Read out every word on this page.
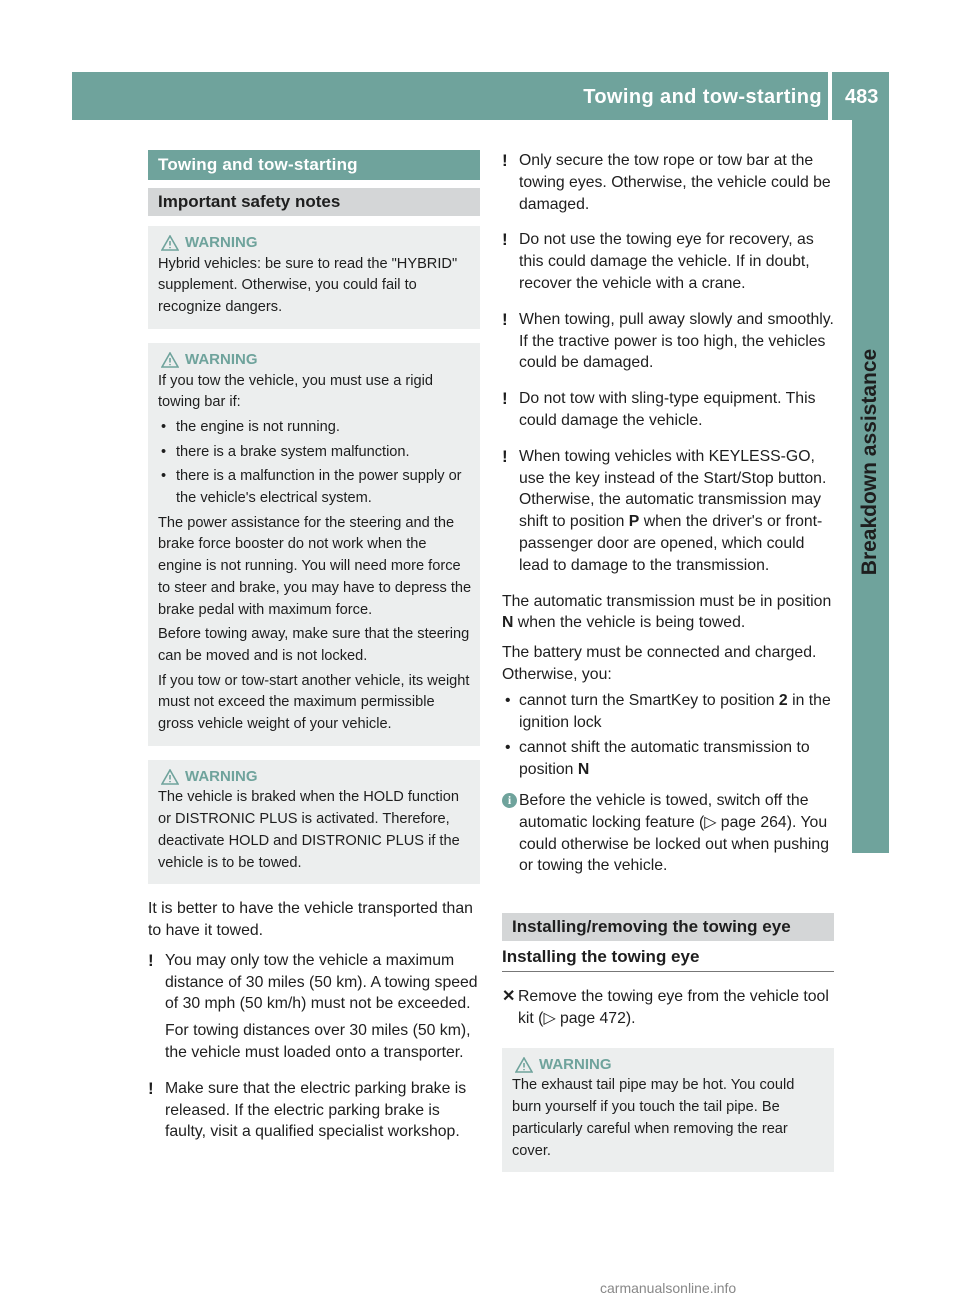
Towing and tow-starting 483
Breakdown assistance
Towing and tow-starting
Important safety notes
WARNING

Hybrid vehicles: be sure to read the "HYBRID" supplement. Otherwise, you could fail to recognize dangers.

WARNING

If you tow the vehicle, you must use a rigid towing bar if:

• the engine is not running.
• there is a brake system malfunction.
• there is a malfunction in the power supply or the vehicle's electrical system.

The power assistance for the steering and the brake force booster do not work when the engine is not running. You will need more force to steer and brake, you may have to depress the brake pedal with maximum force.

Before towing away, make sure that the steering can be moved and is not locked.

If you tow or tow-start another vehicle, its weight must not exceed the maximum permissible gross vehicle weight of your vehicle.

WARNING

The vehicle is braked when the HOLD function or DISTRONIC PLUS is activated. Therefore, deactivate HOLD and DISTRONIC PLUS if the vehicle is to be towed.

It is better to have the vehicle transported than to have it towed.

! You may only tow the vehicle a maximum distance of 30 miles (50 km). A towing speed of 30 mph (50 km/h) must not be exceeded.

For towing distances over 30 miles (50 km), the vehicle must loaded onto a transporter.

! Make sure that the electric parking brake is released. If the electric parking brake is faulty, visit a qualified specialist workshop.

! Only secure the tow rope or tow bar at the towing eyes. Otherwise, the vehicle could be damaged.

! Do not use the towing eye for recovery, as this could damage the vehicle. If in doubt, recover the vehicle with a crane.

! When towing, pull away slowly and smoothly. If the tractive power is too high, the vehicles could be damaged.

! Do not tow with sling-type equipment. This could damage the vehicle.

! When towing vehicles with KEYLESS-GO, use the key instead of the Start/Stop button. Otherwise, the automatic transmission may shift to position P when the driver's or front-passenger door are opened, which could lead to damage to the transmission.

The automatic transmission must be in position N when the vehicle is being towed.

The battery must be connected and charged. Otherwise, you:

• cannot turn the SmartKey to position 2 in the ignition lock
• cannot shift the automatic transmission to position N
i Before the vehicle is towed, switch off the automatic locking feature (▷ page 264). You could otherwise be locked out when pushing or towing the vehicle.

Installing/removing the towing eye
Installing the towing eye
✕ Remove the towing eye from the vehicle tool kit (▷ page 472).
WARNING

The exhaust tail pipe may be hot. You could burn yourself if you touch the tail pipe. Be particularly careful when removing the rear cover.

carmanualsonline.info
